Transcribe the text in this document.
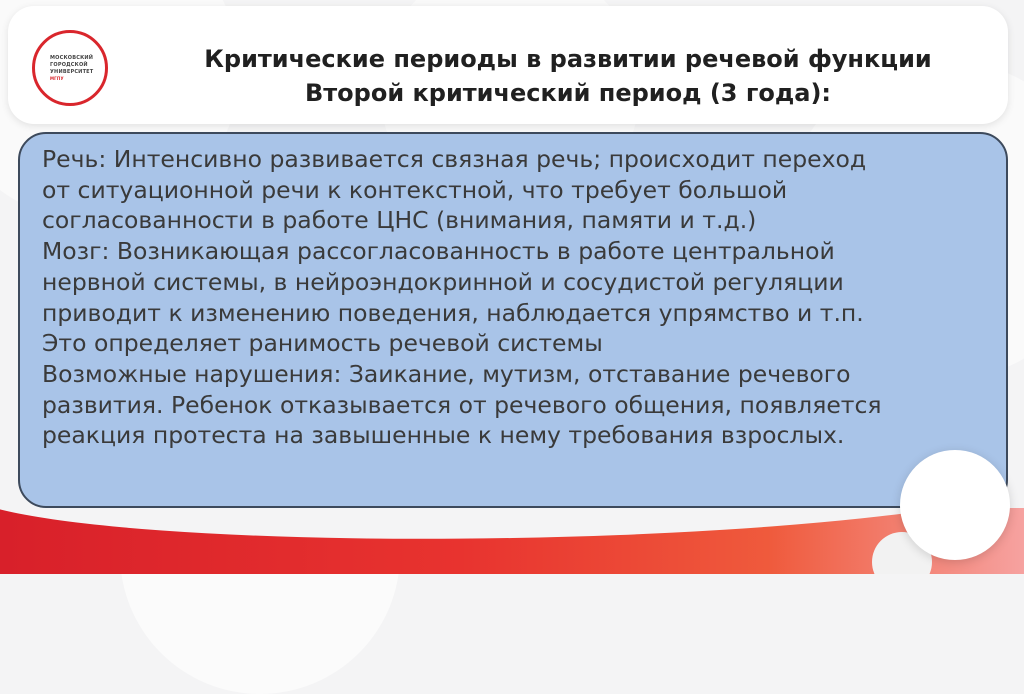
МОСКОВСКИЙ
ГОРОДСКОЙ
УНИВЕРСИТЕТ
МГПУ
Критические периоды в развитии речевой функции
Второй критический период (3 года):
Речь: Интенсивно развивается связная речь; происходит переход
от ситуационной речи к контекстной, что требует большой
согласованности в работе ЦНС (внимания, памяти и т.д.)
Мозг: Возникающая рассогласованность в работе центральной
нервной системы, в нейроэндокринной и сосудистой регуляции
приводит к изменению поведения, наблюдается упрямство и т.п.
Это определяет ранимость речевой системы
Возможные нарушения: Заикание, мутизм, отставание речевого
развития. Ребенок отказывается от речевого общения, появляется
реакция протеста на завышенные к нему требования взрослых.
